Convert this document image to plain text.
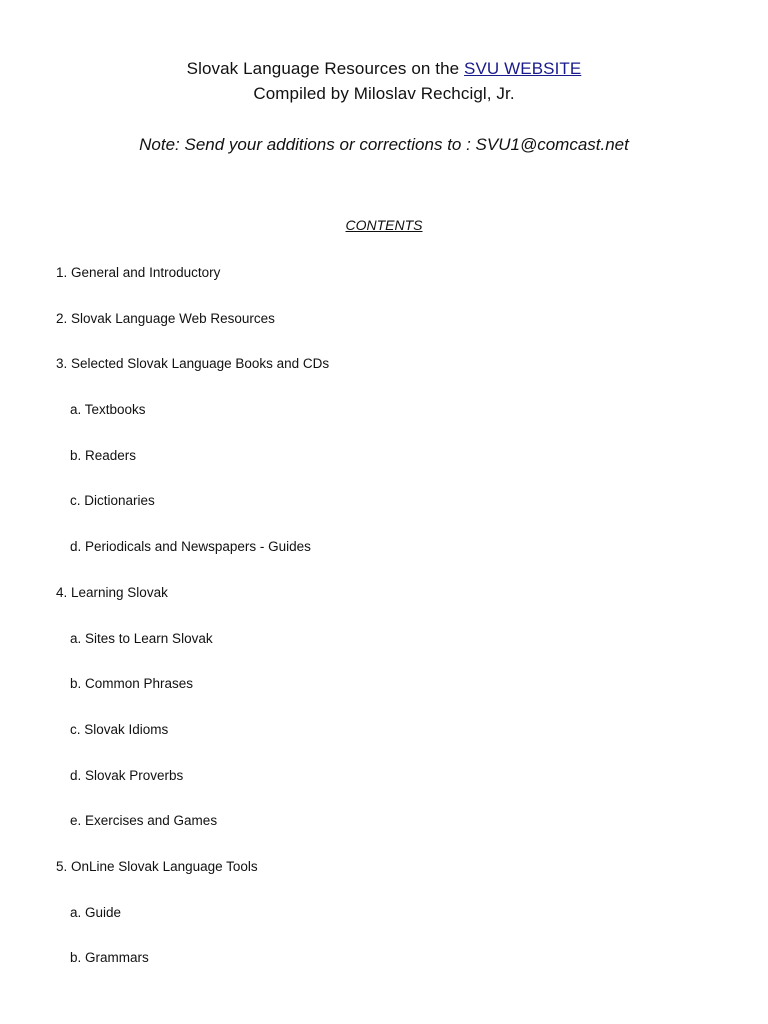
Slovak Language Resources on the SVU WEBSITE

Compiled by Miloslav Rechcigl, Jr.

Note: Send your additions or corrections to : SVU1@comcast.net

CONTENTS

1. General and Introductory
2. Slovak Language Web Resources
3. Selected Slovak Language Books and CDs
a. Textbooks
b. Readers
c. Dictionaries
d. Periodicals and Newspapers - Guides
4. Learning Slovak
a. Sites to Learn Slovak
b. Common Phrases
c. Slovak Idioms
d. Slovak Proverbs
e. Exercises and Games
5. OnLine Slovak Language Tools
a. Guide
b. Grammars
